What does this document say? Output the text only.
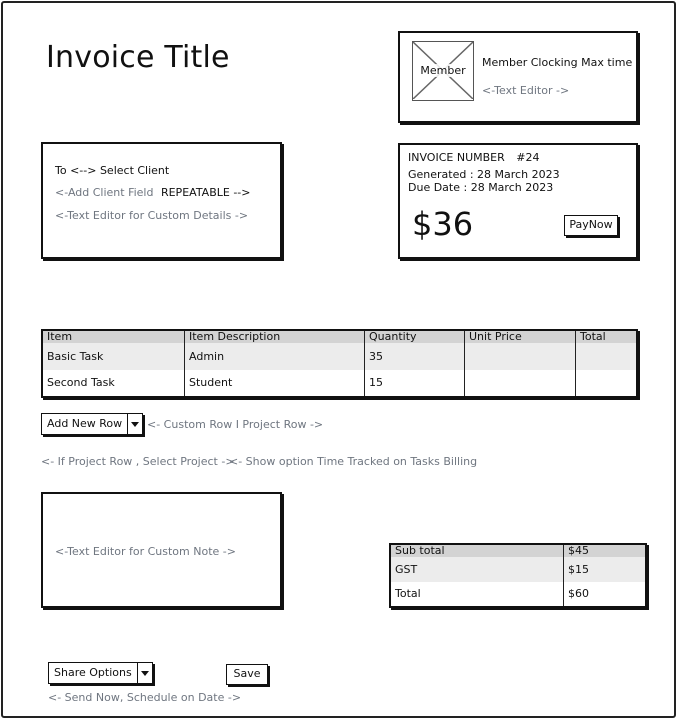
Invoice Title	Member
Member Clocking Max time
<-Text Editor ->
To <--> Select Client
<-Add Client Field REPEATABLE -->
<-Text Editor for Custom Details ->
INVOICE NUMBER #24
Generated : 28 March 2023
Due Date : 28 March 2023
$36	PayNow
Item	Item Description	Quantity	Unit Price	Total
Basic Task	Admin	35		
Second Task	Student	15		
Add New Row	<- Custom Row I Project Row ->
<- If Project Row , Select Project ->
<- Show option Time Tracked on Tasks Billing
<-Text Editor for Custom Note ->	Sub total	$45
GST	$15
Total	$60
Share Options	Save
<- Send Now, Schedule on Date ->
